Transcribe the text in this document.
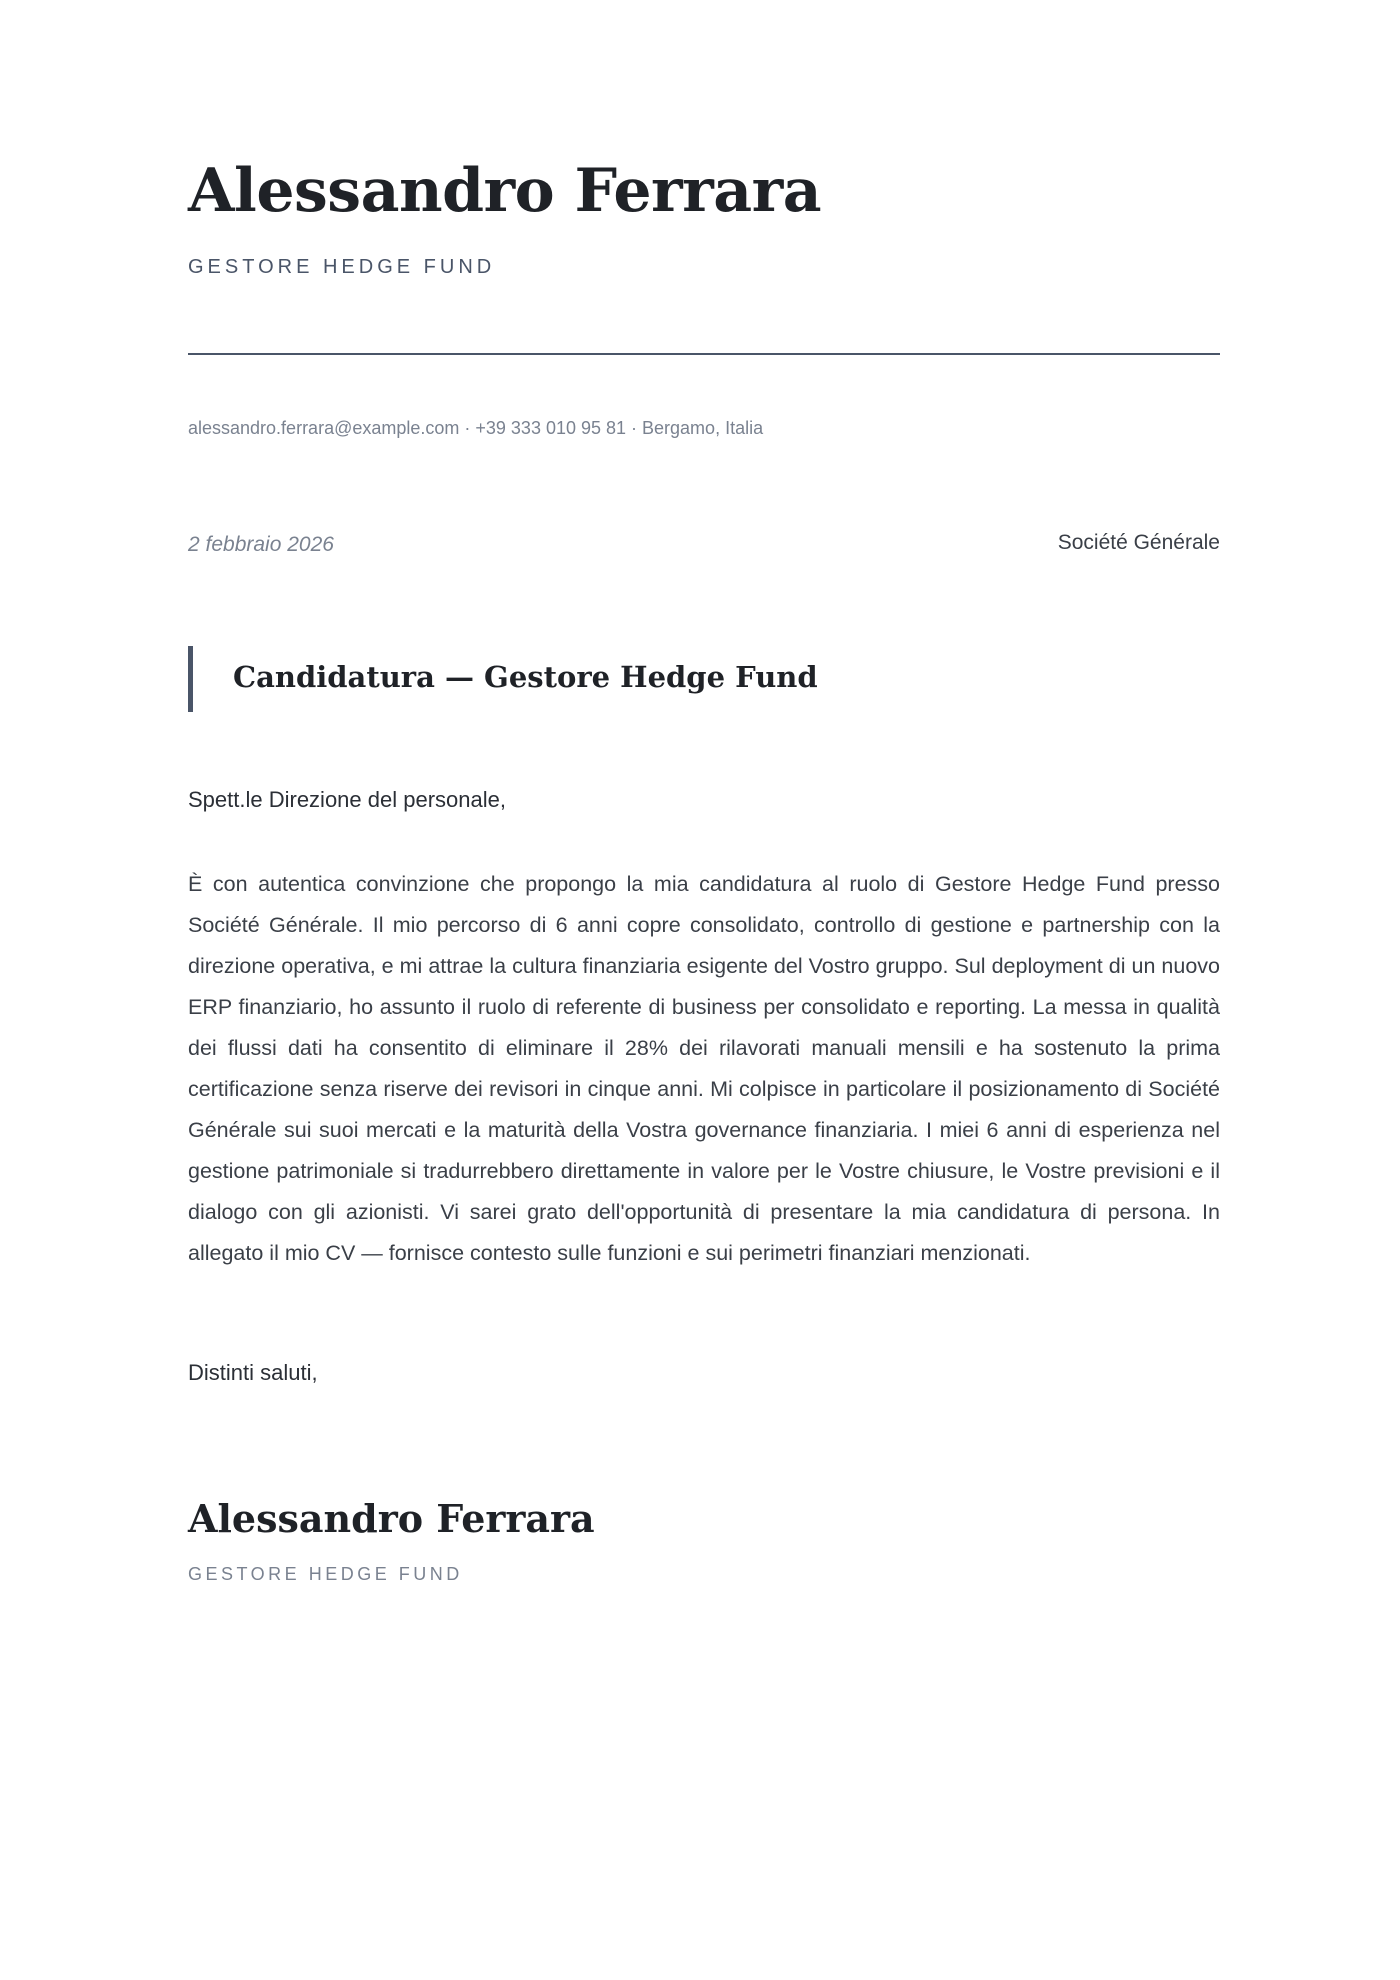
Alessandro Ferrara
GESTORE HEDGE FUND
alessandro.ferrara@example.com · +39 333 010 95 81 · Bergamo, Italia
2 febbraio 2026	Société Générale
Candidatura — Gestore Hedge Fund
Spett.le Direzione del personale,

È con autentica convinzione che propongo la mia candidatura al ruolo di Gestore Hedge Fund presso Société Générale. Il mio percorso di 6 anni copre consolidato, controllo di gestione e partnership con la direzione operativa, e mi attrae la cultura finanziaria esigente del Vostro gruppo. Sul deployment di un nuovo ERP finanziario, ho assunto il ruolo di referente di business per consolidato e reporting. La messa in qualità dei flussi dati ha consentito di eliminare il 28% dei rilavorati manuali mensili e ha sostenuto la prima certificazione senza riserve dei revisori in cinque anni. Mi colpisce in particolare il posizionamento di Société Générale sui suoi mercati e la maturità della Vostra governance finanziaria. I miei 6 anni di esperienza nel gestione patrimoniale si tradurrebbero direttamente in valore per le Vostre chiusure, le Vostre previsioni e il dialogo con gli azionisti. Vi sarei grato dell'opportunità di presentare la mia candidatura di persona. In allegato il mio CV — fornisce contesto sulle funzioni e sui perimetri finanziari menzionati.

Distinti saluti,
Alessandro Ferrara
GESTORE HEDGE FUND
